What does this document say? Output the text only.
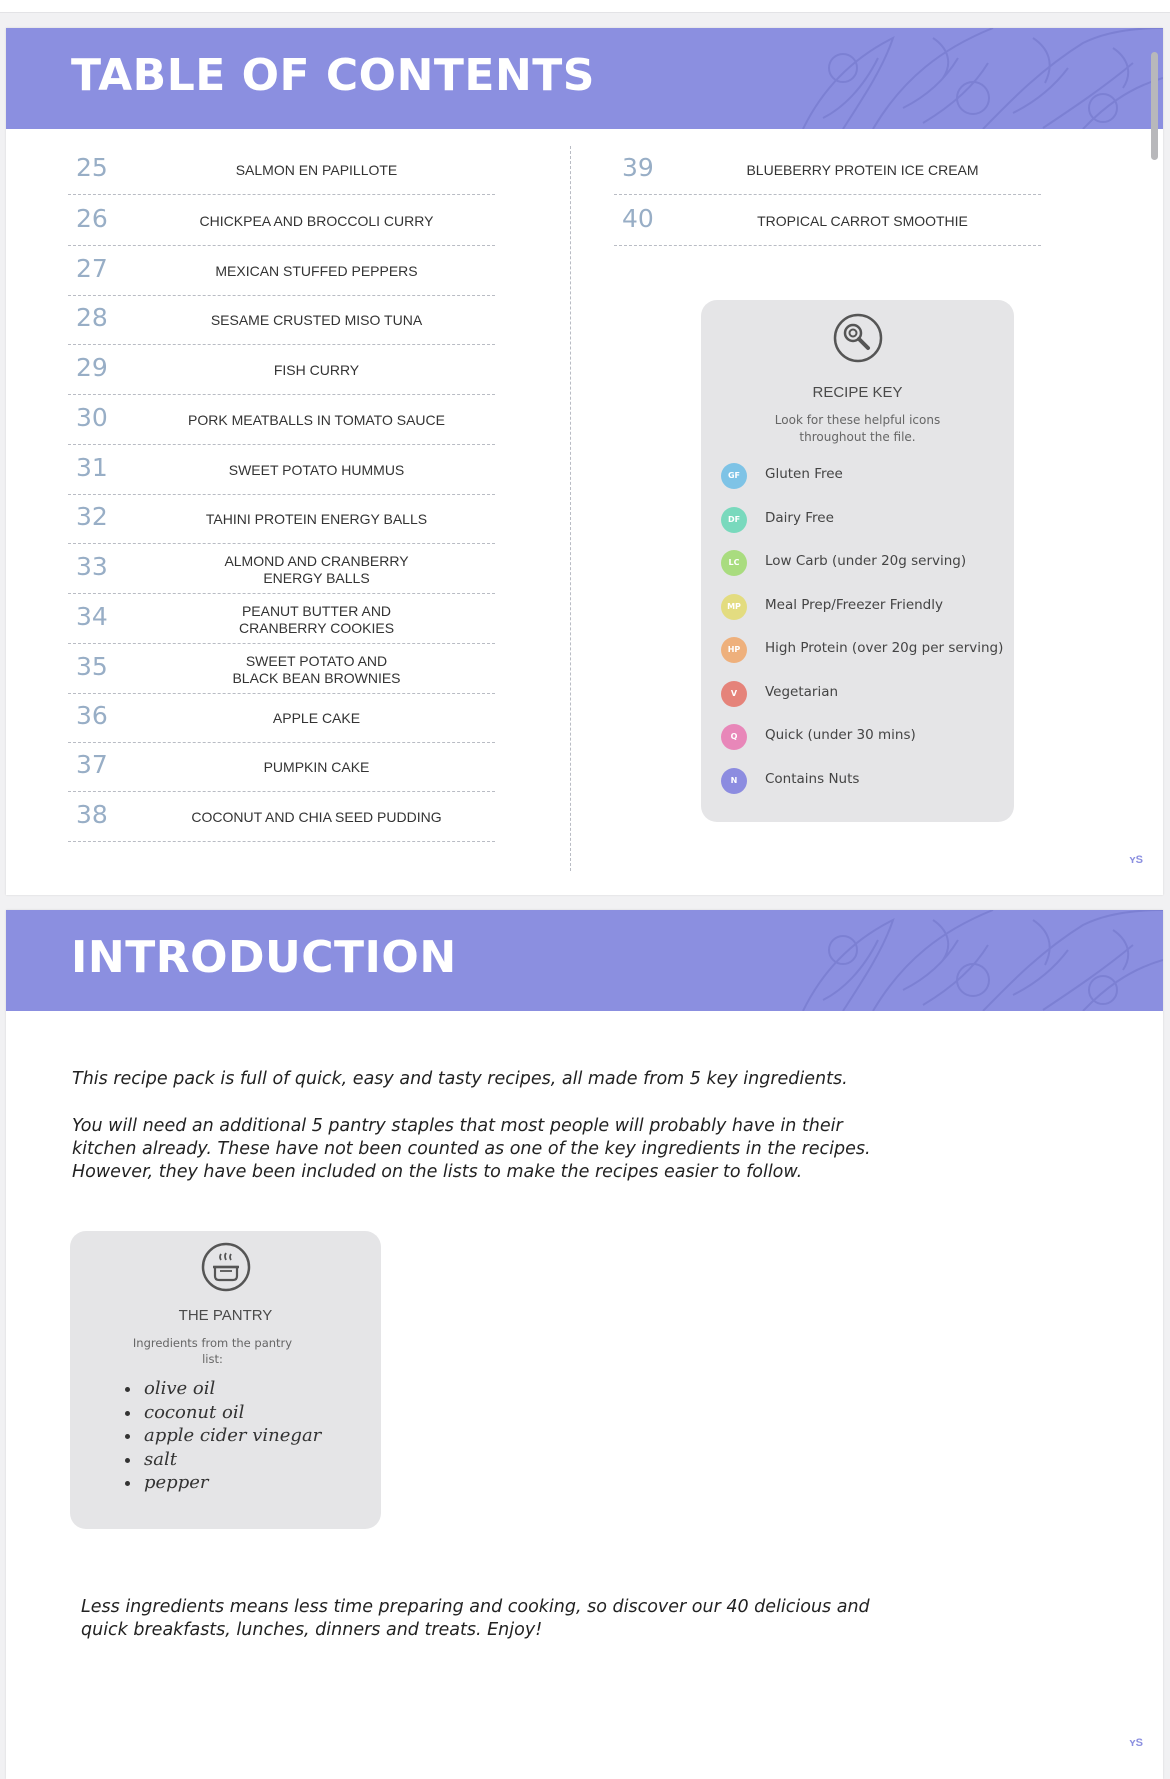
TABLE OF CONTENTS
25	SALMON EN PAPILLOTE
26	CHICKPEA AND BROCCOLI CURRY
27	MEXICAN STUFFED PEPPERS
28	SESAME CRUSTED MISO TUNA
29	FISH CURRY
30	PORK MEATBALLS IN TOMATO SAUCE
31	SWEET POTATO HUMMUS
32	TAHINI PROTEIN ENERGY BALLS
33	ALMOND AND CRANBERRY
ENERGY BALLS
34	PEANUT BUTTER AND
CRANBERRY COOKIES
35	SWEET POTATO AND
BLACK BEAN BROWNIES
36	APPLE CAKE
37	PUMPKIN CAKE
38	COCONUT AND CHIA SEED PUDDING
39	BLUEBERRY PROTEIN ICE CREAM
40	TROPICAL CARROT SMOOTHIE
RECIPE KEY
Look for these helpful icons
throughout the file.
GF	Gluten Free
DF	Dairy Free
LC	Low Carb (under 20g serving)
MP	Meal Prep/Freezer Friendly
HP	High Protein (over 20g per serving)
V	Vegetarian
Q	Quick (under 30 mins)
N	Contains Nuts
ʏS
INTRODUCTION
This recipe pack is full of quick, easy and tasty recipes, all made from 5 key ingredients.
You will need an additional 5 pantry staples that most people will probably have in their
kitchen already. These have not been counted as one of the key ingredients in the recipes.
However, they have been included on the lists to make the recipes easier to follow.
THE PANTRY
Ingredients from the pantry
list:
• olive oil
• coconut oil
• apple cider vinegar
• salt
• pepper
Less ingredients means less time preparing and cooking, so discover our 40 delicious and
quick breakfasts, lunches, dinners and treats. Enjoy!
ʏS
